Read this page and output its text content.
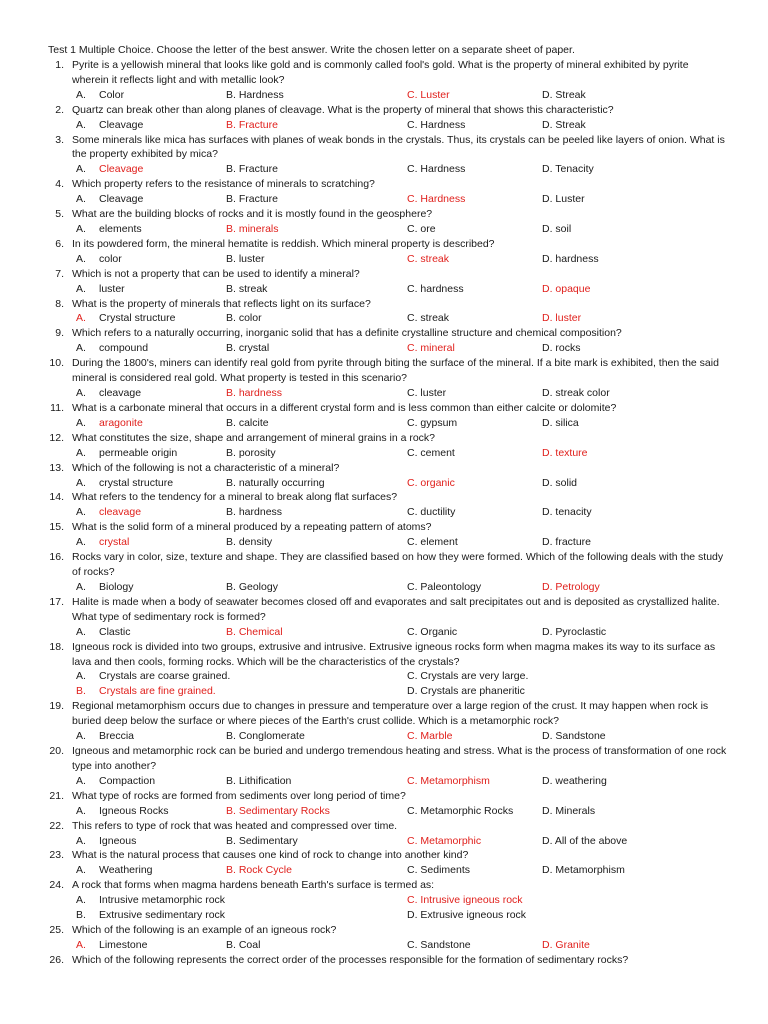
Test 1 Multiple Choice. Choose the letter of the best answer. Write the chosen letter on a separate sheet of paper.
1. Pyrite is a yellowish mineral that looks like gold and is commonly called fool's gold. What is the property of mineral exhibited by pyrite wherein it reflects light and with metallic look?
A. Color	B. Hardness	C. Luster	D. Streak
2. Quartz can break other than along planes of cleavage. What is the property of mineral that shows this characteristic?
A. Cleavage	B. Fracture	C. Hardness	D. Streak
3. Some minerals like mica has surfaces with planes of weak bonds in the crystals. Thus, its crystals can be peeled like layers of onion. What is the property exhibited by mica?
A. Cleavage	B. Fracture	C. Hardness	D. Tenacity
4. Which property refers to the resistance of minerals to scratching?
A. Cleavage	B. Fracture	C. Hardness	D. Luster
5. What are the building blocks of rocks and it is mostly found in the geosphere?
A. elements	B. minerals	C. ore	D. soil
6. In its powdered form, the mineral hematite is reddish. Which mineral property is described?
A. color	B. luster	C. streak	D. hardness
7. Which is not a property that can be used to identify a mineral?
A. luster	B. streak	C. hardness	D. opaque
8. What is the property of minerals that reflects light on its surface?
A. Crystal structure	B. color	C. streak	D. luster
9. Which refers to a naturally occurring, inorganic solid that has a definite crystalline structure and chemical composition?
A. compound	B. crystal	C. mineral	D. rocks
10. During the 1800's, miners can identify real gold from pyrite through biting the surface of the mineral. If a bite mark is exhibited, then the said mineral is considered real gold. What property is tested in this scenario?
A. cleavage	B. hardness	C. luster	D. streak color
11. What is a carbonate mineral that occurs in a different crystal form and is less common than either calcite or dolomite?
A. aragonite	B. calcite	C. gypsum	D. silica
12. What constitutes the size, shape and arrangement of mineral grains in a rock?
A. permeable origin	B. porosity	C. cement	D. texture
13. Which of the following is not a characteristic of a mineral?
A. crystal structure	B. naturally occurring	C. organic	D. solid
14. What refers to the tendency for a mineral to break along flat surfaces?
A. cleavage	B. hardness	C. ductility	D. tenacity
15. What is the solid form of a mineral produced by a repeating pattern of atoms?
A. crystal	B. density	C. element	D. fracture
16. Rocks vary in color, size, texture and shape. They are classified based on how they were formed. Which of the following deals with the study of rocks?
A. Biology	B. Geology	C. Paleontology	D. Petrology
17. Halite is made when a body of seawater becomes closed off and evaporates and salt precipitates out and is deposited as crystallized halite. What type of sedimentary rock is formed?
A. Clastic	B. Chemical	C. Organic	D. Pyroclastic
18. Igneous rock is divided into two groups, extrusive and intrusive. Extrusive igneous rocks form when magma makes its way to its surface as lava and then cools, forming rocks. Which will be the characteristics of the crystals?
A. Crystals are coarse grained.	C. Crystals are very large.
B. Crystals are fine grained.	D. Crystals are phaneritic
19. Regional metamorphism occurs due to changes in pressure and temperature over a large region of the crust. It may happen when rock is buried deep below the surface or where pieces of the Earth's crust collide. Which is a metamorphic rock?
A. Breccia	B. Conglomerate	C. Marble	D. Sandstone
20. Igneous and metamorphic rock can be buried and undergo tremendous heating and stress. What is the process of transformation of one rock type into another?
A. Compaction	B. Lithification	C. Metamorphism	D. weathering
21. What type of rocks are formed from sediments over long period of time?
A. Igneous Rocks	B. Sedimentary Rocks	C. Metamorphic Rocks	D. Minerals
22. This refers to type of rock that was heated and compressed over time.
A. Igneous	B. Sedimentary	C. Metamorphic	D. All of the above
23. What is the natural process that causes one kind of rock to change into another kind?
A. Weathering	B. Rock Cycle	C. Sediments	D. Metamorphism
24. A rock that forms when magma hardens beneath Earth's surface is termed as:
A. Intrusive metamorphic rock	C. Intrusive igneous rock
B. Extrusive sedimentary rock	D. Extrusive igneous rock
25. Which of the following is an example of an igneous rock?
A. Limestone	B. Coal	C. Sandstone	D. Granite
26. Which of the following represents the correct order of the processes responsible for the formation of sedimentary rocks?
